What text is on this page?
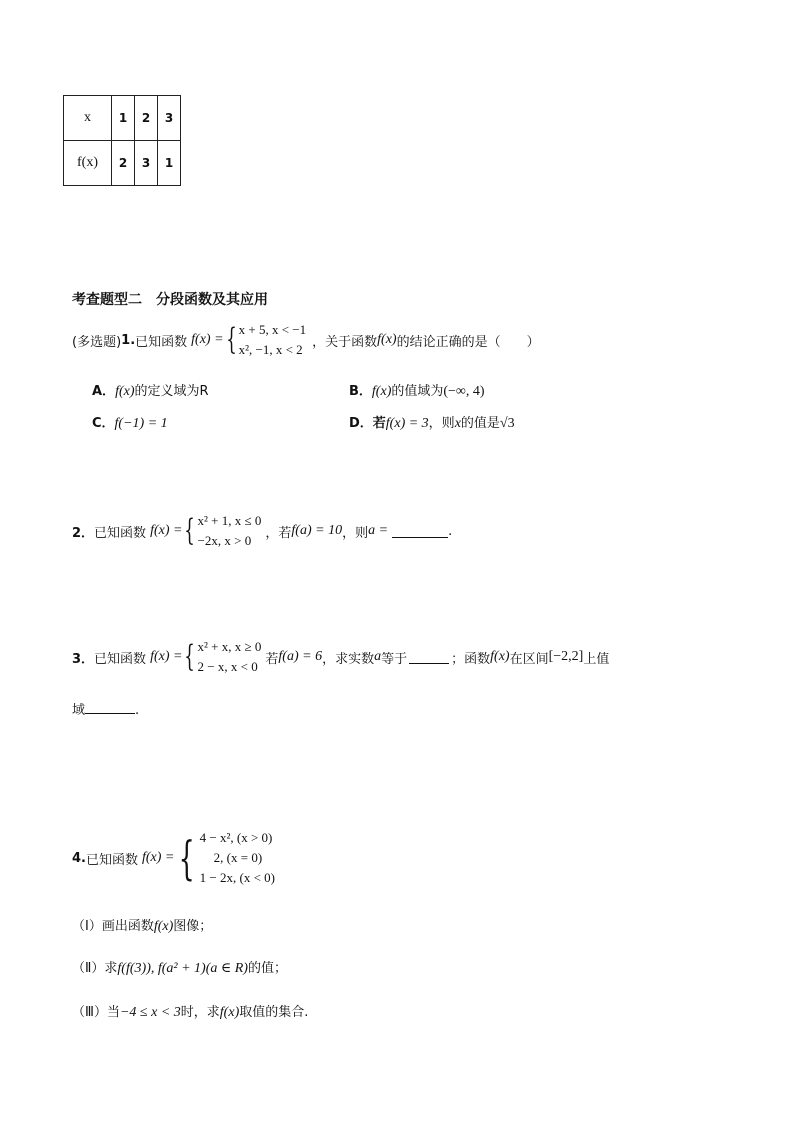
x	1	2	3
f(x)	2	3	1
考查题型二　分段函数及其应用
(多选题) 1. 已知函数 f(x) = { x + 5, x < −1
x², −1, x < 2 ，关于函数 f(x) 的结论正确的是（　　）
A．f(x)的定义域为R	B．f(x)的值域为(−∞, 4)
C．f(−1) = 1	D．若f(x) = 3，则x的值是√3
2． 已知函数 f(x) = { x² + 1, x ≤ 0
−2x, x > 0	，若 f(a) = 10 ，则 a =	.
3． 已知函数 f(x) = { x² + x, x ≥ 0
2 − x, x < 0 若 f(a) = 6 ，求实数 a 等于	；函数 f(x) 在区间 [−2,2] 上值
域	.
4. 已知函数 f(x) = { 4 − x², (x > 0)
2, (x = 0)
1 − 2x, (x < 0)
（Ⅰ）画出函数f(x)图像；
（Ⅱ）求f(f(3)), f(a² + 1)(a ∈ R)的值；
（Ⅲ）当−4 ≤ x < 3时，求f(x)取值的集合.
